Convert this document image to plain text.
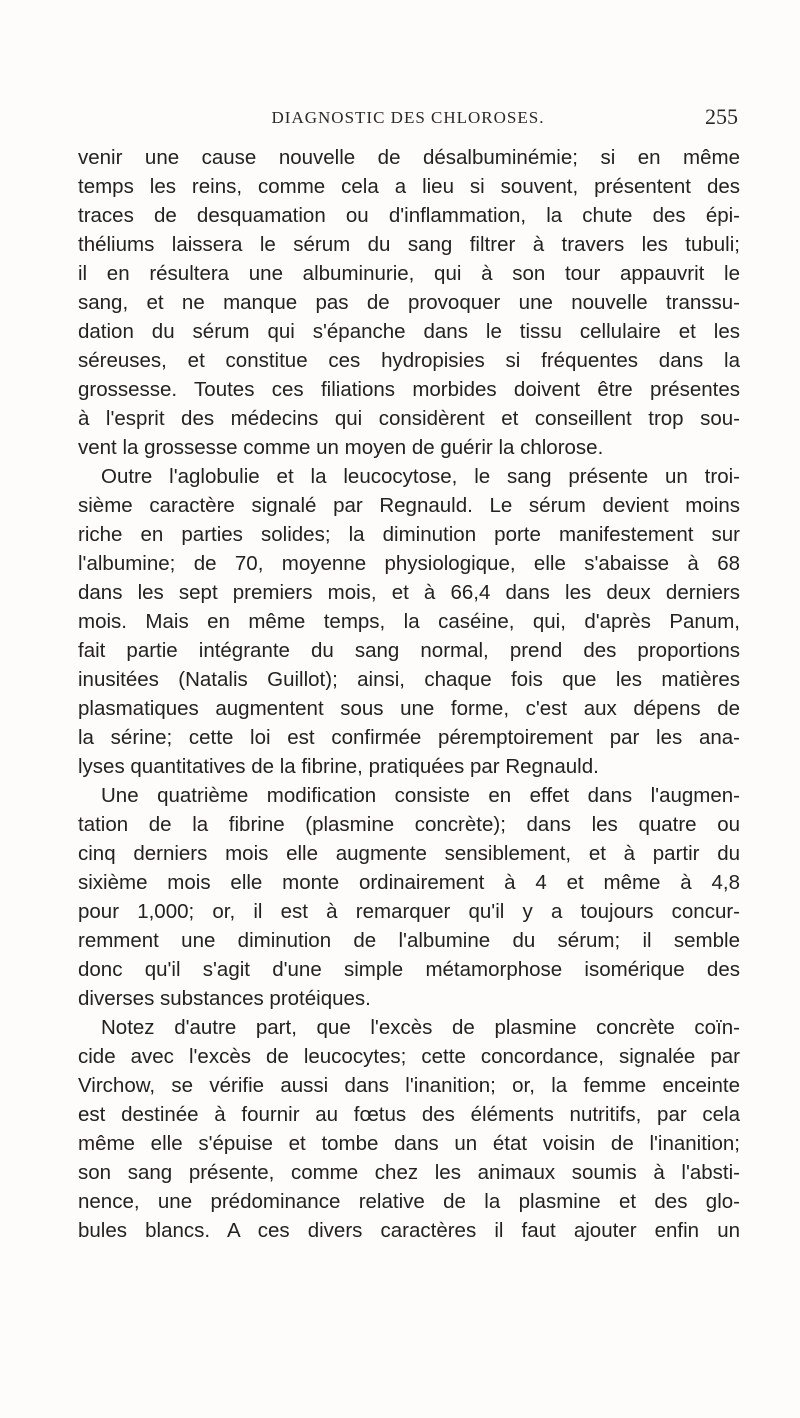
DIAGNOSTIC DES CHLOROSES.	255
venir une cause nouvelle de désalbuminémie; si en même
temps les reins, comme cela a lieu si souvent, présentent des
traces de desquamation ou d'inflammation, la chute des épi-
théliums laissera le sérum du sang filtrer à travers les tubuli;
il en résultera une albuminurie, qui à son tour appauvrit le
sang, et ne manque pas de provoquer une nouvelle transsu-
dation du sérum qui s'épanche dans le tissu cellulaire et les
séreuses, et constitue ces hydropisies si fréquentes dans la
grossesse. Toutes ces filiations morbides doivent être présentes
à l'esprit des médecins qui considèrent et conseillent trop sou-
vent la grossesse comme un moyen de guérir la chlorose.
Outre l'aglobulie et la leucocytose, le sang présente un troi-
sième caractère signalé par Regnauld. Le sérum devient moins
riche en parties solides; la diminution porte manifestement sur
l'albumine; de 70, moyenne physiologique, elle s'abaisse à 68
dans les sept premiers mois, et à 66,4 dans les deux derniers
mois. Mais en même temps, la caséine, qui, d'après Panum,
fait partie intégrante du sang normal, prend des proportions
inusitées (Natalis Guillot); ainsi, chaque fois que les matières
plasmatiques augmentent sous une forme, c'est aux dépens de
la sérine; cette loi est confirmée péremptoirement par les ana-
lyses quantitatives de la fibrine, pratiquées par Regnauld.
Une quatrième modification consiste en effet dans l'augmen-
tation de la fibrine (plasmine concrète); dans les quatre ou
cinq derniers mois elle augmente sensiblement, et à partir du
sixième mois elle monte ordinairement à 4 et même à 4,8
pour 1,000; or, il est à remarquer qu'il y a toujours concur-
remment une diminution de l'albumine du sérum; il semble
donc qu'il s'agit d'une simple métamorphose isomérique des
diverses substances protéiques.
Notez d'autre part, que l'excès de plasmine concrète coïn-
cide avec l'excès de leucocytes; cette concordance, signalée par
Virchow, se vérifie aussi dans l'inanition; or, la femme enceinte
est destinée à fournir au fœtus des éléments nutritifs, par cela
même elle s'épuise et tombe dans un état voisin de l'inanition;
son sang présente, comme chez les animaux soumis à l'absti-
nence, une prédominance relative de la plasmine et des glo-
bules blancs. A ces divers caractères il faut ajouter enfin un
